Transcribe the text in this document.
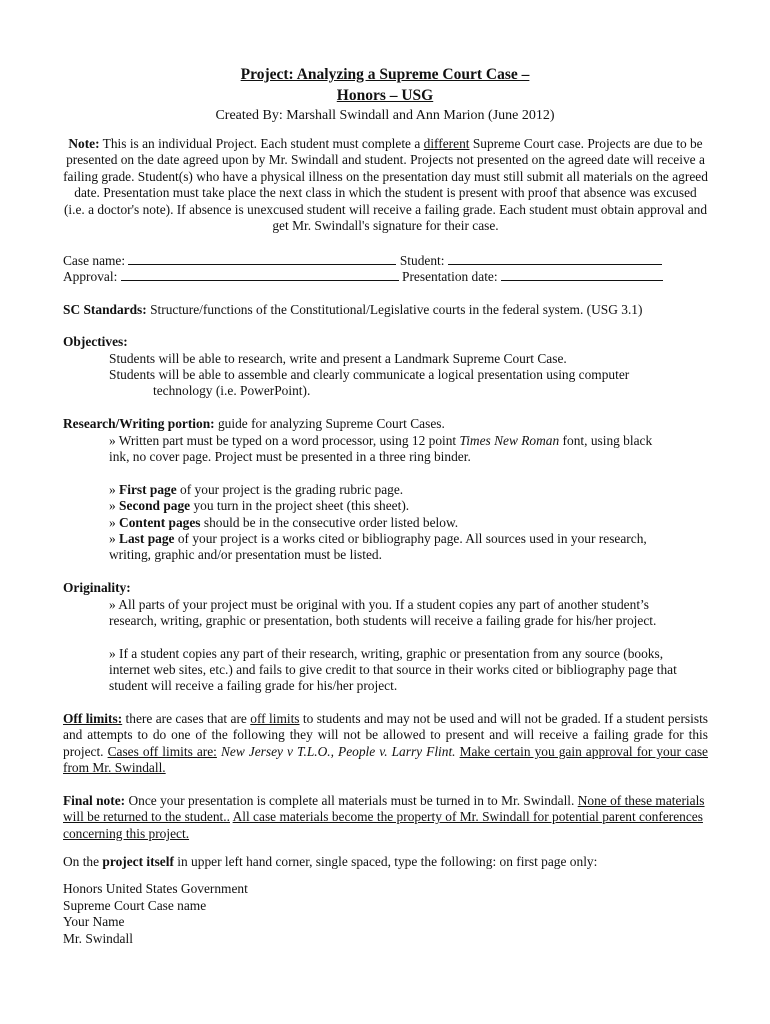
Project: Analyzing a Supreme Court Case –
Honors – USG
Created By: Marshall Swindall and Ann Marion (June 2012)
Note: This is an individual Project. Each student must complete a different Supreme Court case. Projects are due to be presented on the date agreed upon by Mr. Swindall and student. Projects not presented on the agreed date will receive a failing grade. Student(s) who have a physical illness on the presentation day must still submit all materials on the agreed date. Presentation must take place the next class in which the student is present with proof that absence was excused (i.e. a doctor's note). If absence is unexcused student will receive a failing grade. Each student must obtain approval and get Mr. Swindall's signature for their case.
Case name:	Student:
Approval:	Presentation date:
SC Standards: Structure/functions of the Constitutional/Legislative courts in the federal system. (USG 3.1)
Objectives:
Students will be able to research, write and present a Landmark Supreme Court Case.
Students will be able to assemble and clearly communicate a logical presentation using computer
technology (i.e. PowerPoint).
Research/Writing portion: guide for analyzing Supreme Court Cases.
» Written part must be typed on a word processor, using 12 point Times New Roman font, using black
ink, no cover page. Project must be presented in a three ring binder.
» First page of your project is the grading rubric page.
» Second page you turn in the project sheet (this sheet).
» Content pages should be in the consecutive order listed below.
» Last page of your project is a works cited or bibliography page. All sources used in your research,
writing, graphic and/or presentation must be listed.
Originality:
» All parts of your project must be original with you. If a student copies any part of another student’s
research, writing, graphic or presentation, both students will receive a failing grade for his/her project.
» If a student copies any part of their research, writing, graphic or presentation from any source (books,
internet web sites, etc.) and fails to give credit to that source in their works cited or bibliography page that
student will receive a failing grade for his/her project.
Off limits: there are cases that are off limits to students and may not be used and will not be graded. If a student persists and attempts to do one of the following they will not be allowed to present and will receive a failing grade for this project. Cases off limits are: New Jersey v T.L.O., People v. Larry Flint. Make certain you gain approval for your case from Mr. Swindall.
Final note: Once your presentation is complete all materials must be turned in to Mr. Swindall. None of these materials will be returned to the student.. All case materials become the property of Mr. Swindall for potential parent conferences concerning this project.
On the project itself in upper left hand corner, single spaced, type the following: on first page only:
Honors United States Government
Supreme Court Case name
Your Name
Mr. Swindall
